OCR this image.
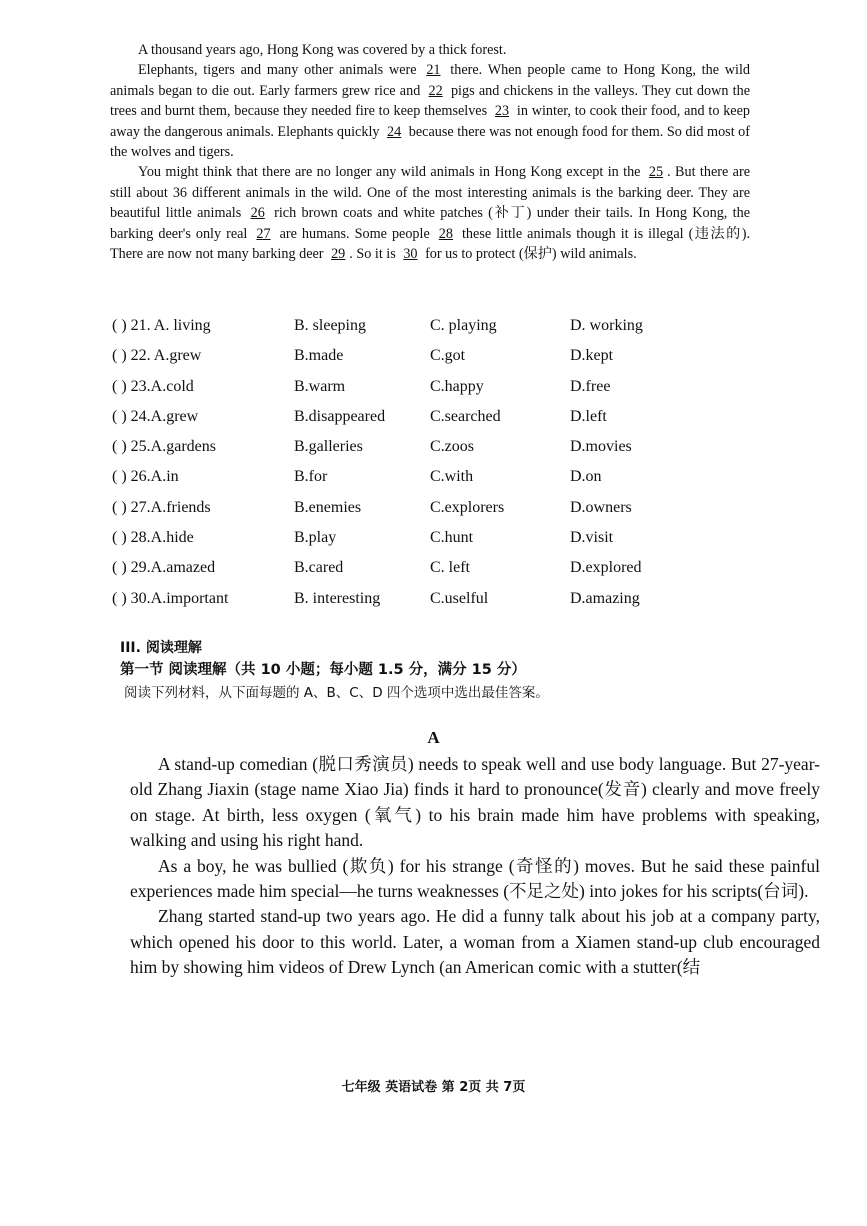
A thousand years ago, Hong Kong was covered by a thick forest.

Elephants, tigers and many other animals were 21 there. When people came to Hong Kong, the wild animals began to die out. Early farmers grew rice and 22 pigs and chickens in the valleys. They cut down the trees and burnt them, because they needed fire to keep themselves 23 in winter, to cook their food, and to keep away the dangerous animals. Elephants quickly 24 because there was not enough food for them. So did most of the wolves and tigers.

You might think that there are no longer any wild animals in Hong Kong except in the 25 . But there are still about 36 different animals in the wild. One of the most interesting animals is the barking deer. They are beautiful little animals 26 rich brown coats and white patches (补丁) under their tails. In Hong Kong, the barking deer's only real 27 are humans. Some people 28 these little animals though it is illegal (违法的). There are now not many barking deer 29 . So it is 30 for us to protect (保护) wild animals.

( ) 21. A. living	B. sleeping	C. playing	D. working
( ) 22. A.grew	B.made	C.got	D.kept
( ) 23.A.cold	B.warm	C.happy	D.free
( ) 24.A.grew	B.disappeared	C.searched	D.left
( ) 25.A.gardens	B.galleries	C.zoos	D.movies
( ) 26.A.in	B.for	C.with	D.on
( ) 27.A.friends	B.enemies	C.explorers	D.owners
( ) 28.A.hide	B.play	C.hunt	D.visit
( ) 29.A.amazed	B.cared	C. left	D.explored
( ) 30.A.important	B. interesting	C.uselful	D.amazing

III. 阅读理解

第一节 阅读理解（共 10 小题；每小题 1.5 分，满分 15 分）

阅读下列材料，从下面每题的 A、B、C、D 四个选项中选出最佳答案。

A

A stand-up comedian (脱口秀演员) needs to speak well and use body language. But 27-year-old Zhang Jiaxin (stage name Xiao Jia) finds it hard to pronounce(发音) clearly and move freely on stage. At birth, less oxygen (氧气) to his brain made him have problems with speaking, walking and using his right hand.

As a boy, he was bullied (欺负) for his strange (奇怪的) moves. But he said these painful experiences made him special—he turns weaknesses (不足之处) into jokes for his scripts(台词).

Zhang started stand-up two years ago. He did a funny talk about his job at a company party, which opened his door to this world. Later, a woman from a Xiamen stand-up club encouraged him by showing him videos of Drew Lynch (an American comic with a stutter(结

七年级 英语试卷 第 2页 共 7页
